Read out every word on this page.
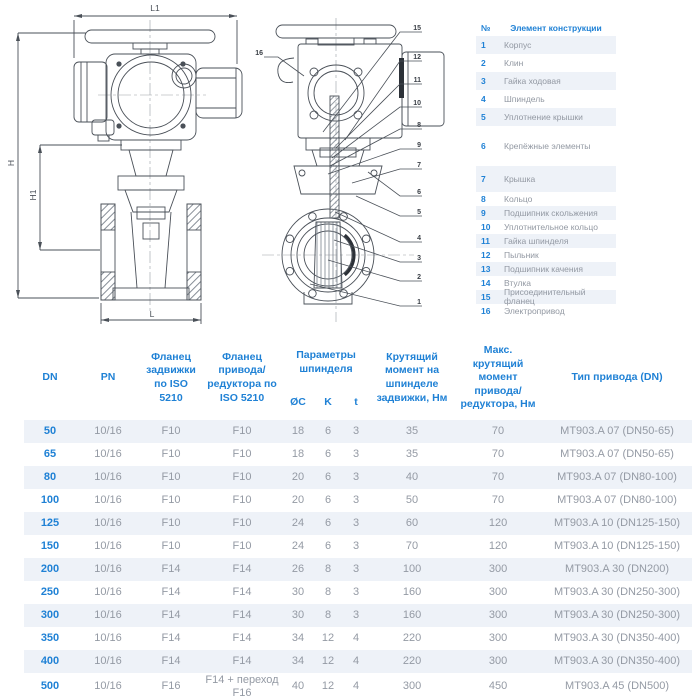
L1
H
H1
L
15
12
11
10
8
9
7
6
5
4
3
2
1
16
№	Элемент конструкции
1	Корпус
2	Клин
3	Гайка ходовая
4	Шпиндель
5	Уплотнение крышки
6	Крепёжные элементы
7	Крышка
8	Кольцо
9	Подшипник скольжения
10	Уплотнительное кольцо
11	Гайка шпинделя
12	Пыльник
13	Подшипник качения
14	Втулка
15	Присоединительный фланец
16	Электропривод
DN	PN	Фланец задвижки по ISO 5210	Фланец привода/редуктора по ISO 5210	Параметры шпинделя			Крутящий момент на шпинделе задвижки, Нм	Макс. крутящий момент привода/редуктора, Нм	Тип привода (DN)
				ØC	K	t			
50	10/16	F10	F10	18	6	3	35	70	MT903.A 07 (DN50-65)
65	10/16	F10	F10	18	6	3	35	70	MT903.A 07 (DN50-65)
80	10/16	F10	F10	20	6	3	40	70	MT903.A 07 (DN80-100)
100	10/16	F10	F10	20	6	3	50	70	MT903.A 07 (DN80-100)
125	10/16	F10	F10	24	6	3	60	120	MT903.A 10 (DN125-150)
150	10/16	F10	F10	24	6	3	70	120	MT903.A 10 (DN125-150)
200	10/16	F14	F14	26	8	3	100	300	MT903.A 30 (DN200)
250	10/16	F14	F14	30	8	3	160	300	MT903.A 30 (DN250-300)
300	10/16	F14	F14	30	8	3	160	300	MT903.A 30 (DN250-300)
350	10/16	F14	F14	34	12	4	220	300	MT903.A 30 (DN350-400)
400	10/16	F14	F14	34	12	4	220	300	MT903.A 30 (DN350-400)
500	10/16	F16	F14 + переход F16	40	12	4	300	450	MT903.A 45 (DN500)
